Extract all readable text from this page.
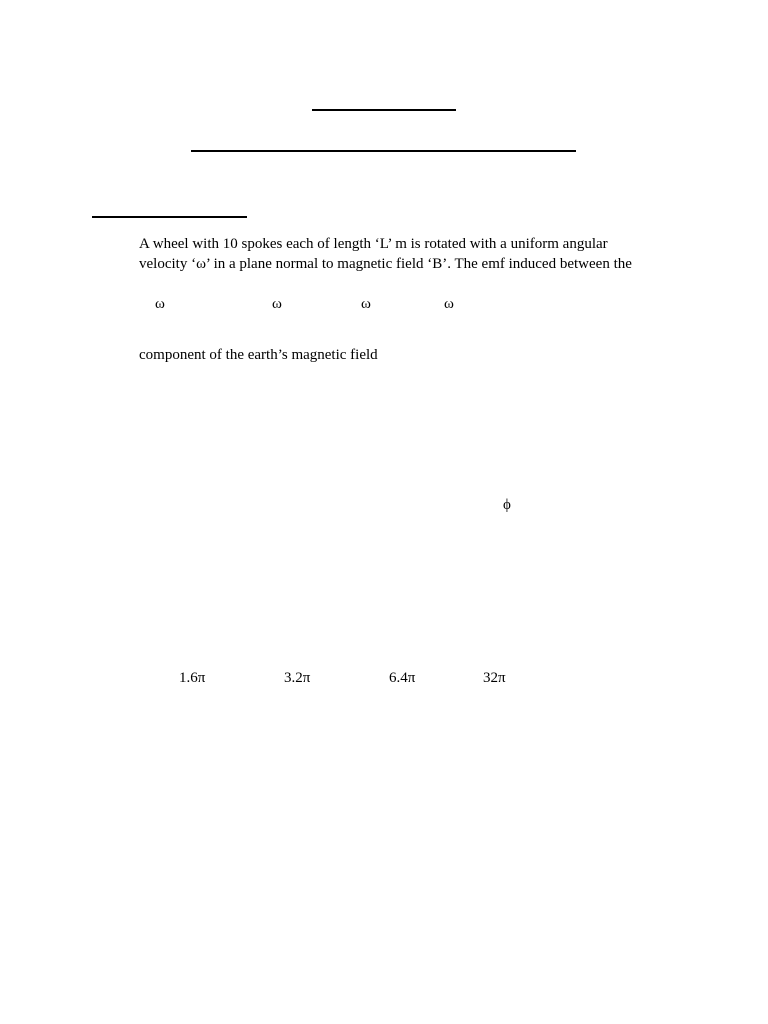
A wheel with 10 spokes each of length ‘L’ m is rotated with a uniform angular
velocity ‘ω’ in a plane normal to magnetic field ‘B’. The emf induced between the
ω	ω	ω	ω
component of the earth’s magnetic field
ϕ
1.6π	3.2π	6.4π	32π
